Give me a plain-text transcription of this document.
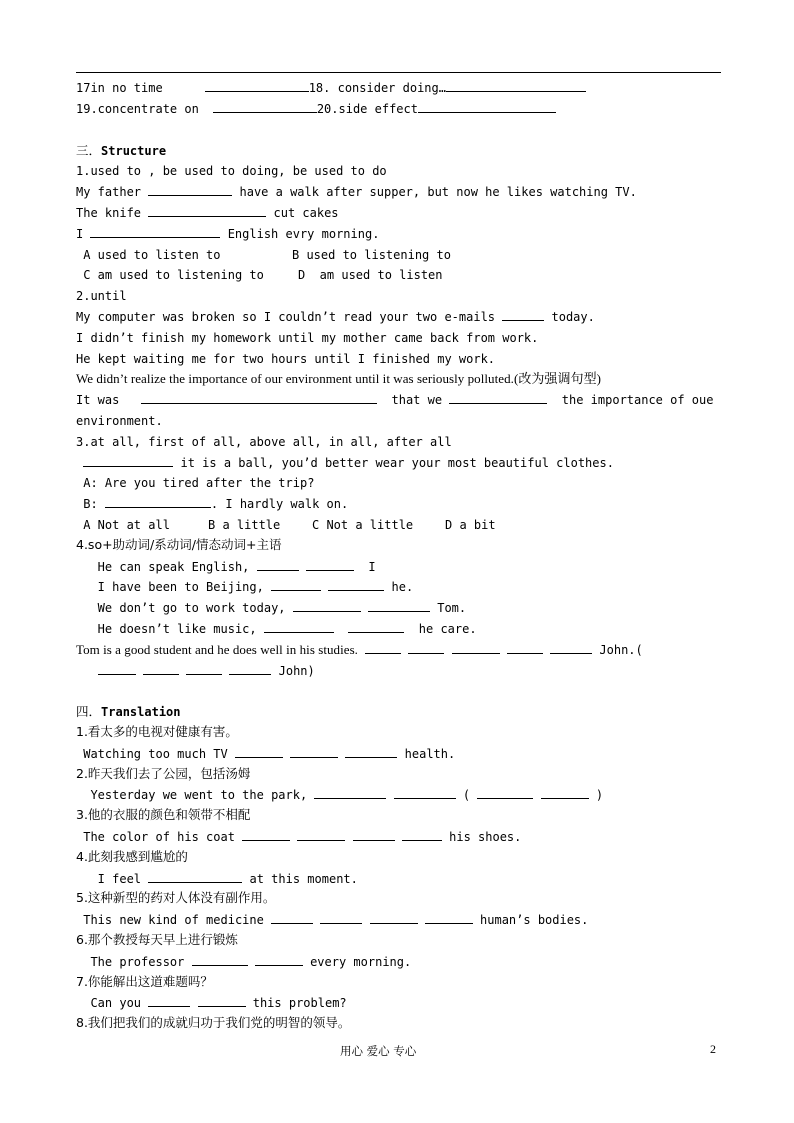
17in no time	18. consider doing…
19.concentrate on	20.side effect
三．Structure
1.used to , be used to doing, be used to do
My father	have a walk after supper, but now he likes watching TV.
The knife	cut cakes
I	English evry morning.
A used to listen to	B used to listening to
C am used to listening to	D  am used to listen
2.until
My computer was broken so I couldn’t read your two e-mails	today.
I didn’t finish my homework until my mother came back from work.
He kept waiting me for two hours until I finished my work.
We didn’t realize the importance of our environment until it was seriously polluted.(改为强调句型)
It was	that we	the importance of oue
environment.
3.at all, first of all, above all, in all, after all
it is a ball, you’d better wear your most beautiful clothes.
A: Are you tired after the trip?
B:	. I hardly walk on.
A Not at all	B a little	C Not a little	D a bit
4.so+助动词/系动词/情态动词+主语
He can speak English,	I
I have been to Beijing,	he.
We don’t go to work today,	Tom.
He doesn’t like music,	he care.
Tom is a good student and he does well in his studies.	John.(
John)
四．Translation
1.看太多的电视对健康有害。
Watching too much TV	health.
2.昨天我们去了公园，包括汤姆
Yesterday we went to the park,	(	)
3.他的衣服的颜色和领带不相配
The color of his coat	his shoes.
4.此刻我感到尴尬的
I feel	at this moment.
5.这种新型的药对人体没有副作用。
This new kind of medicine	human’s bodies.
6.那个教授每天早上进行锻炼
The professor	every morning.
7.你能解出这道难题吗？
Can you	this problem?
8.我们把我们的成就归功于我们党的明智的领导。
用心 爱心 专心	2
